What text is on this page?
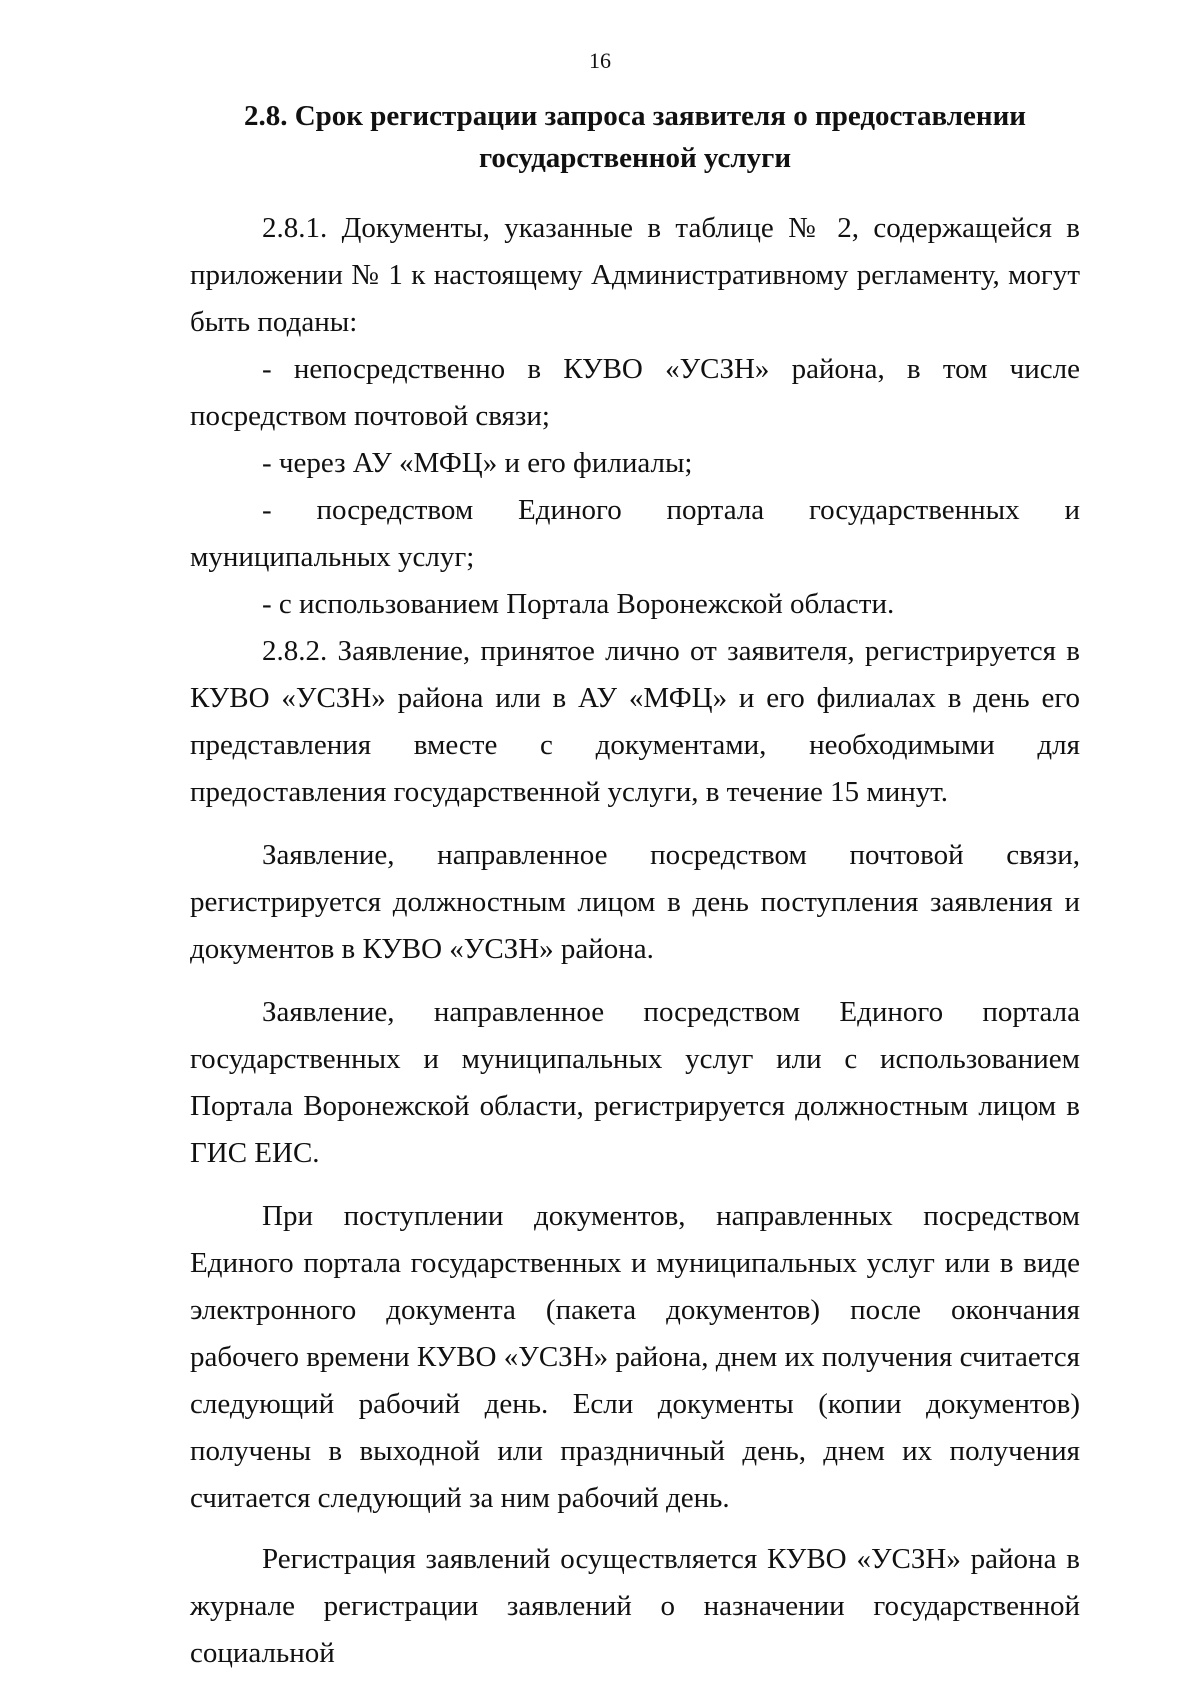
16
2.8. Срок регистрации запроса заявителя о предоставлении
государственной услуги

2.8.1. Документы, указанные в таблице № 2, содержащейся в приложении № 1 к настоящему Административному регламенту, могут быть поданы:

- непосредственно в КУВО «УСЗН» района, в том числе посредством почтовой связи;

- через АУ «МФЦ» и его филиалы;

- посредством Единого портала государственных и муниципальных услуг;

- с использованием Портала Воронежской области.

2.8.2. Заявление, принятое лично от заявителя, регистрируется в КУВО «УСЗН» района или в АУ «МФЦ» и его филиалах в день его представления вместе с документами, необходимыми для предоставления государственной услуги, в течение 15 минут.

Заявление, направленное посредством почтовой связи, регистрируется должностным лицом в день поступления заявления и документов в КУВО «УСЗН» района.

Заявление, направленное посредством Единого портала государственных и муниципальных услуг или с использованием Портала Воронежской области, регистрируется должностным лицом в ГИС ЕИС.

При поступлении документов, направленных посредством Единого портала государственных и муниципальных услуг или в виде электронного документа (пакета документов) после окончания рабочего времени КУВО «УСЗН» района, днем их получения считается следующий рабочий день. Если документы (копии документов) получены в выходной или праздничный день, днем их получения считается следующий за ним рабочий день.

Регистрация заявлений осуществляется КУВО «УСЗН» района в журнале регистрации заявлений о назначении государственной социальной
